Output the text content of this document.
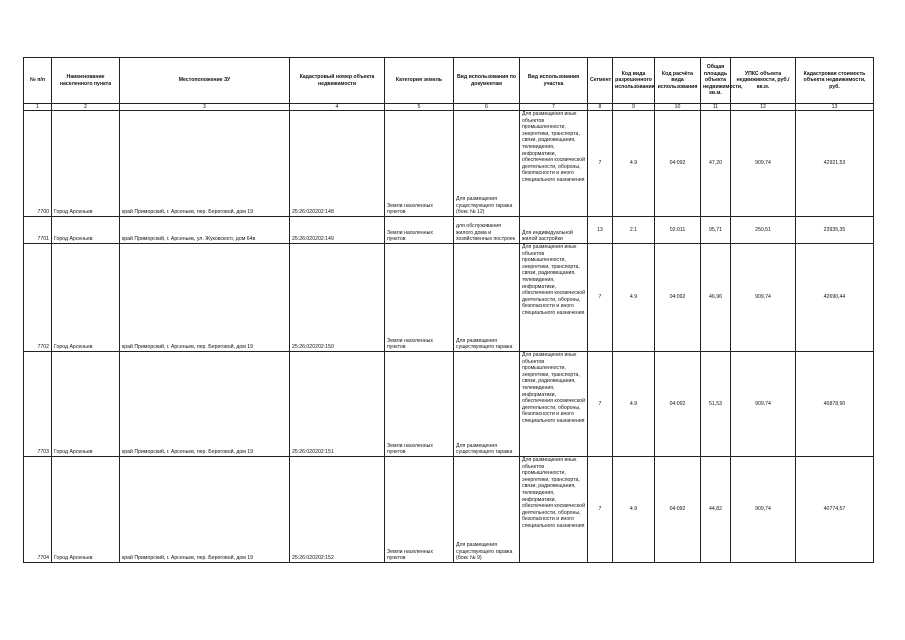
№ п/п	Наименование населенного пункта	Местоположение ЗУ	Кадастровый номер объекта недвижимости	Категория земель	Вид использования по документам	Вид использования участка	Сегмент	Код вида разрешенного использования	Код расчёта вида использования	Общая площадь объекта недвижимости, кв.м.	УПКС объекта недвижимости, руб./кв.м.	Кадастровая стоимость объекта недвижимости, руб.
1	2	3	4	5	6	7	8	9	10	11	12	13
7700	Город Арсеньев	край Приморский, г. Арсеньев, пер. Береговой, дом 19	25:26:020202:148	Земли населенных пунктов	Для размещения существующего гаража (бокс № 12)	Для размещения иных объектов промышленности, энергетики, транспорта, связи, радиовещания, телевидения, информатики, обеспечения космической деятельности, обороны, безопасности и иного специального назначения	7	4.9	04:092	47,20	909,74	42921,53
7701	Город Арсеньев	край Приморский, г. Арсеньев, ул. Жуковского, дом 64в	25:26:020202:149	Земли населенных пунктов	для обслуживания жилого дома и хозяйственных построек	Для индивидуальной жилой застройки	13	2.1	02:011	95,71	250,51	23935,35
7702	Город Арсеньев	край Приморский, г. Арсеньев, пер. Береговой, дом 19	25:26:020202:150	Земли населенных пунктов	Для размещения существующего гаража	Для размещения иных объектов промышленности, энергетики, транспорта, связи, радиовещания, телевидения, информатики, обеспечения космической деятельности, обороны, безопасности и иного специального назначения	7	4.9	04:092	46,96	909,74	42690,44
7703	Город Арсеньев	край Приморский, г. Арсеньев, пер. Береговой, дом 19	25:26:020202:151	Земли населенных пунктов	Для размещения существующего гаража	Для размещения иных объектов промышленности, энергетики, транспорта, связи, радиовещания, телевидения, информатики, обеспечения космической деятельности, обороны, безопасности и иного специального назначения	7	4.9	04:092	51,53	909,74	46878,90
7704	Город Арсеньев	край Приморский, г. Арсеньев, пер. Береговой, дом 19	25:26:020202:152	Земли населенных пунктов	Для размещения существующего гаража (бокс № 9)	Для размещения иных объектов промышленности, энергетики, транспорта, связи, радиовещания, телевидения, информатики, обеспечения космической деятельности, обороны, безопасности и иного специального назначения	7	4.9	04:092	44,82	909,74	40774,57
